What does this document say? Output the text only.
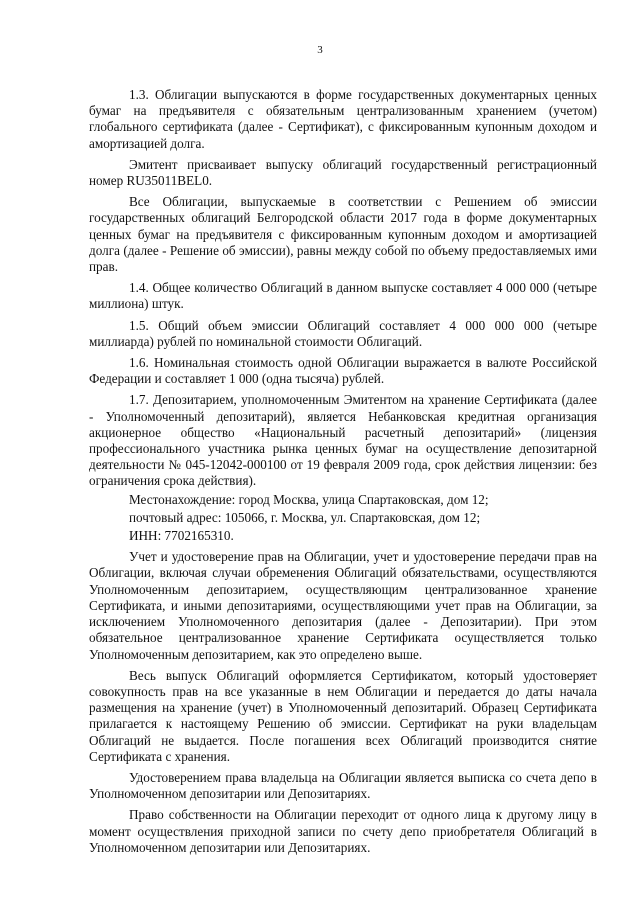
3

1.3. Облигации выпускаются в форме государственных документарных ценных бумаг на предъявителя с обязательным централизованным хранением (учетом) глобального сертификата (далее - Сертификат), с фиксированным купонным доходом и амортизацией долга.

Эмитент присваивает выпуску облигаций государственный регистрационный номер RU35011BEL0.

Все Облигации, выпускаемые в соответствии с Решением об эмиссии государственных облигаций Белгородской области 2017 года в форме документарных ценных бумаг на предъявителя с фиксированным купонным доходом и амортизацией долга (далее - Решение об эмиссии), равны между собой по объему предоставляемых ими прав.

1.4. Общее количество Облигаций в данном выпуске составляет 4 000 000 (четыре миллиона) штук.

1.5. Общий объем эмиссии Облигаций составляет 4 000 000 000 (четыре миллиарда) рублей по номинальной стоимости Облигаций.

1.6. Номинальная стоимость одной Облигации выражается в валюте Российской Федерации и составляет 1 000 (одна тысяча) рублей.

1.7. Депозитарием, уполномоченным Эмитентом на хранение Сертификата (далее - Уполномоченный депозитарий), является Небанковская кредитная организация акционерное общество «Национальный расчетный депозитарий» (лицензия профессионального участника рынка ценных бумаг на осуществление депозитарной деятельности № 045-12042-000100 от 19 февраля 2009 года, срок действия лицензии: без ограничения срока действия).

Местонахождение: город Москва, улица Спартаковская, дом 12;

почтовый адрес: 105066, г. Москва, ул. Спартаковская, дом 12;

ИНН: 7702165310.

Учет и удостоверение прав на Облигации, учет и удостоверение передачи прав на Облигации, включая случаи обременения Облигаций обязательствами, осуществляются Уполномоченным депозитарием, осуществляющим централизованное хранение Сертификата, и иными депозитариями, осуществляющими учет прав на Облигации, за исключением Уполномоченного депозитария (далее - Депозитарии). При этом обязательное централизованное хранение Сертификата осуществляется только Уполномоченным депозитарием, как это определено выше.

Весь выпуск Облигаций оформляется Сертификатом, который удостоверяет совокупность прав на все указанные в нем Облигации и передается до даты начала размещения на хранение (учет) в Уполномоченный депозитарий. Образец Сертификата прилагается к настоящему Решению об эмиссии. Сертификат на руки владельцам Облигаций не выдается. После погашения всех Облигаций производится снятие Сертификата с хранения.

Удостоверением права владельца на Облигации является выписка со счета депо в Уполномоченном депозитарии или Депозитариях.

Право собственности на Облигации переходит от одного лица к другому лицу в момент осуществления приходной записи по счету депо приобретателя Облигаций в Уполномоченном депозитарии или Депозитариях.
